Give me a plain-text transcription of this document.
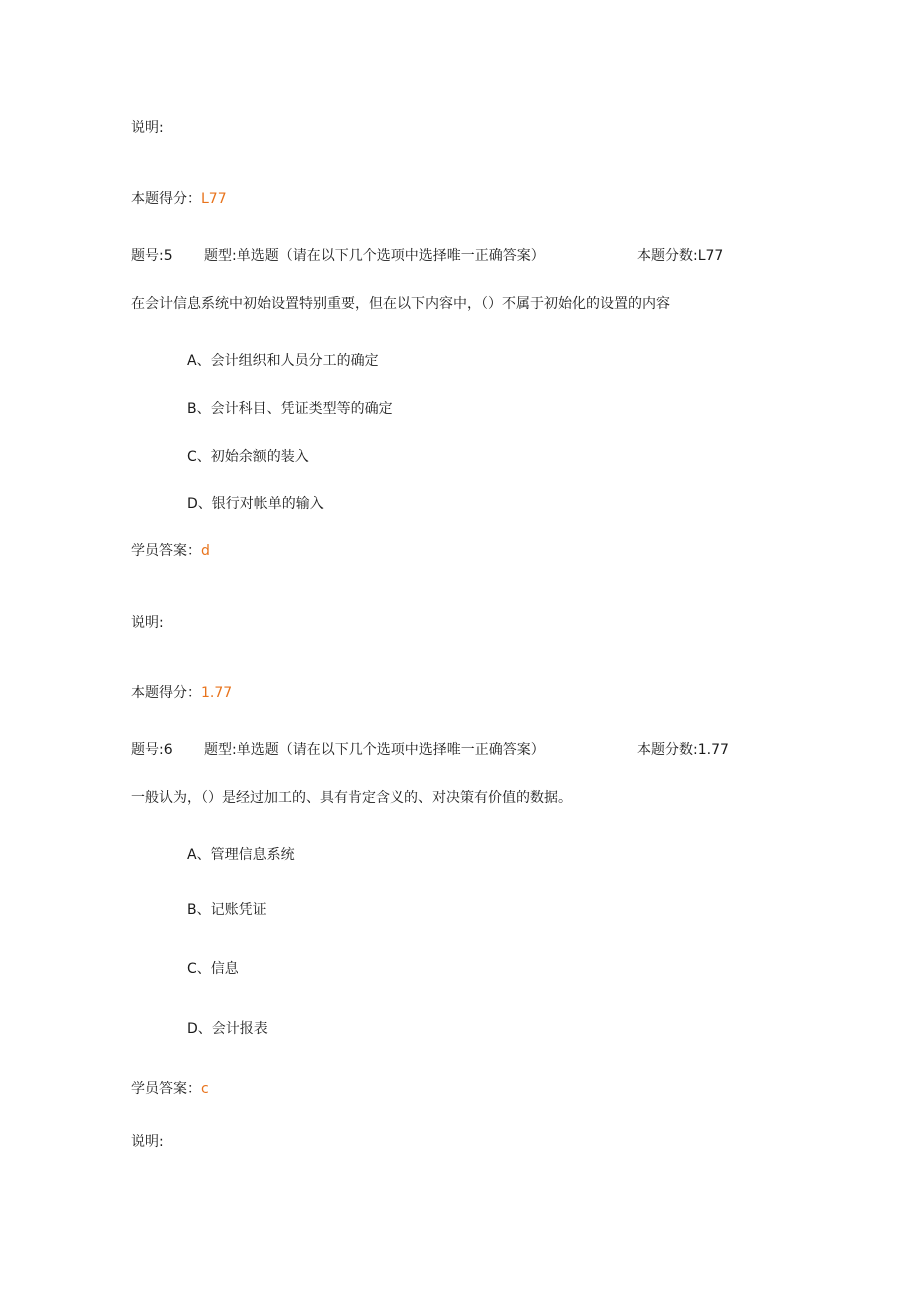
说明:
本题得分：L77
题号:5 题型:单选题（请在以下几个选项中选择唯一正确答案）	本题分数:L77
在会计信息系统中初始设置特别重要，但在以下内容中，（）不属于初始化的设置的内容
A、会计组织和人员分工的确定
B、会计科目、凭证类型等的确定
C、初始余额的装入
D、银行对帐单的输入
学员答案：d
说明:
本题得分：1.77
题号:6 题型:单选题（请在以下几个选项中选择唯一正确答案）	本题分数:1.77
一般认为，（）是经过加工的、具有肯定含义的、对决策有价值的数据。
A、管理信息系统
B、记账凭证
C、信息
D、会计报表
学员答案：c
说明:
